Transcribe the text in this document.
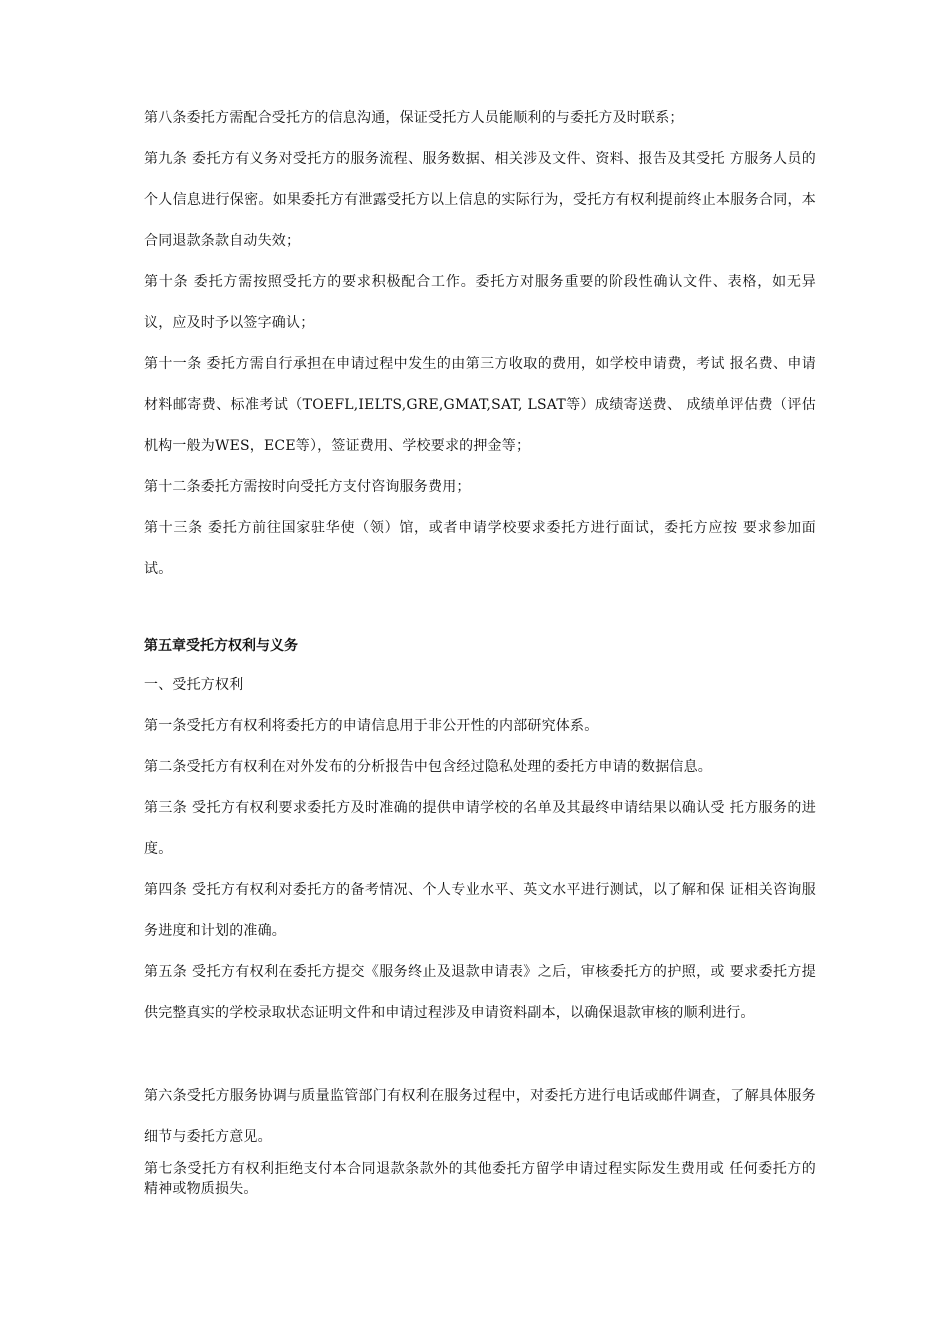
第八条委托方需配合受托方的信息沟通，保证受托方人员能顺利的与委托方及时联系；

第九条 委托方有义务对受托方的服务流程、服务数据、相关涉及文件、资料、报告及其受托 方服务人员的个人信息进行保密。如果委托方有泄露受托方以上信息的实际行为，受托方有权利提前终止本服务合同，本合同退款条款自动失效；

第十条 委托方需按照受托方的要求积极配合工作。委托方对服务重要的阶段性确认文件、表格，如无异议，应及时予以签字确认；

第十一条 委托方需自行承担在申请过程中发生的由第三方收取的费用，如学校申请费，考试 报名费、申请材料邮寄费、标准考试（TOEFL,IELTS,GRE,GMAT,SAT, LSAT等）成绩寄送费、 成绩单评估费（评估机构一般为WES，ECE等），签证费用、学校要求的押金等；

第十二条委托方需按时向受托方支付咨询服务费用；

第十三条 委托方前往国家驻华使（领）馆，或者申请学校要求委托方进行面试，委托方应按 要求参加面试。

第五章受托方权利与义务

一、受托方权利

第一条受托方有权利将委托方的申请信息用于非公开性的内部研究体系。

第二条受托方有权利在对外发布的分析报告中包含经过隐私处理的委托方申请的数据信息。

第三条 受托方有权利要求委托方及时准确的提供申请学校的名单及其最终申请结果以确认受 托方服务的进度。

第四条 受托方有权利对委托方的备考情况、个人专业水平、英文水平进行测试，以了解和保 证相关咨询服务进度和计划的准确。

第五条 受托方有权利在委托方提交《服务终止及退款申请表》之后，审核委托方的护照，或 要求委托方提供完整真实的学校录取状态证明文件和申请过程涉及申请资料副本，以确保退款审核的顺利进行。

第六条受托方服务协调与质量监管部门有权利在服务过程中，对委托方进行电话或邮件调查，了解具体服务细节与委托方意见。

第七条受托方有权利拒绝支付本合同退款条款外的其他委托方留学申请过程实际发生费用或 任何委托方的精神或物质损失。
